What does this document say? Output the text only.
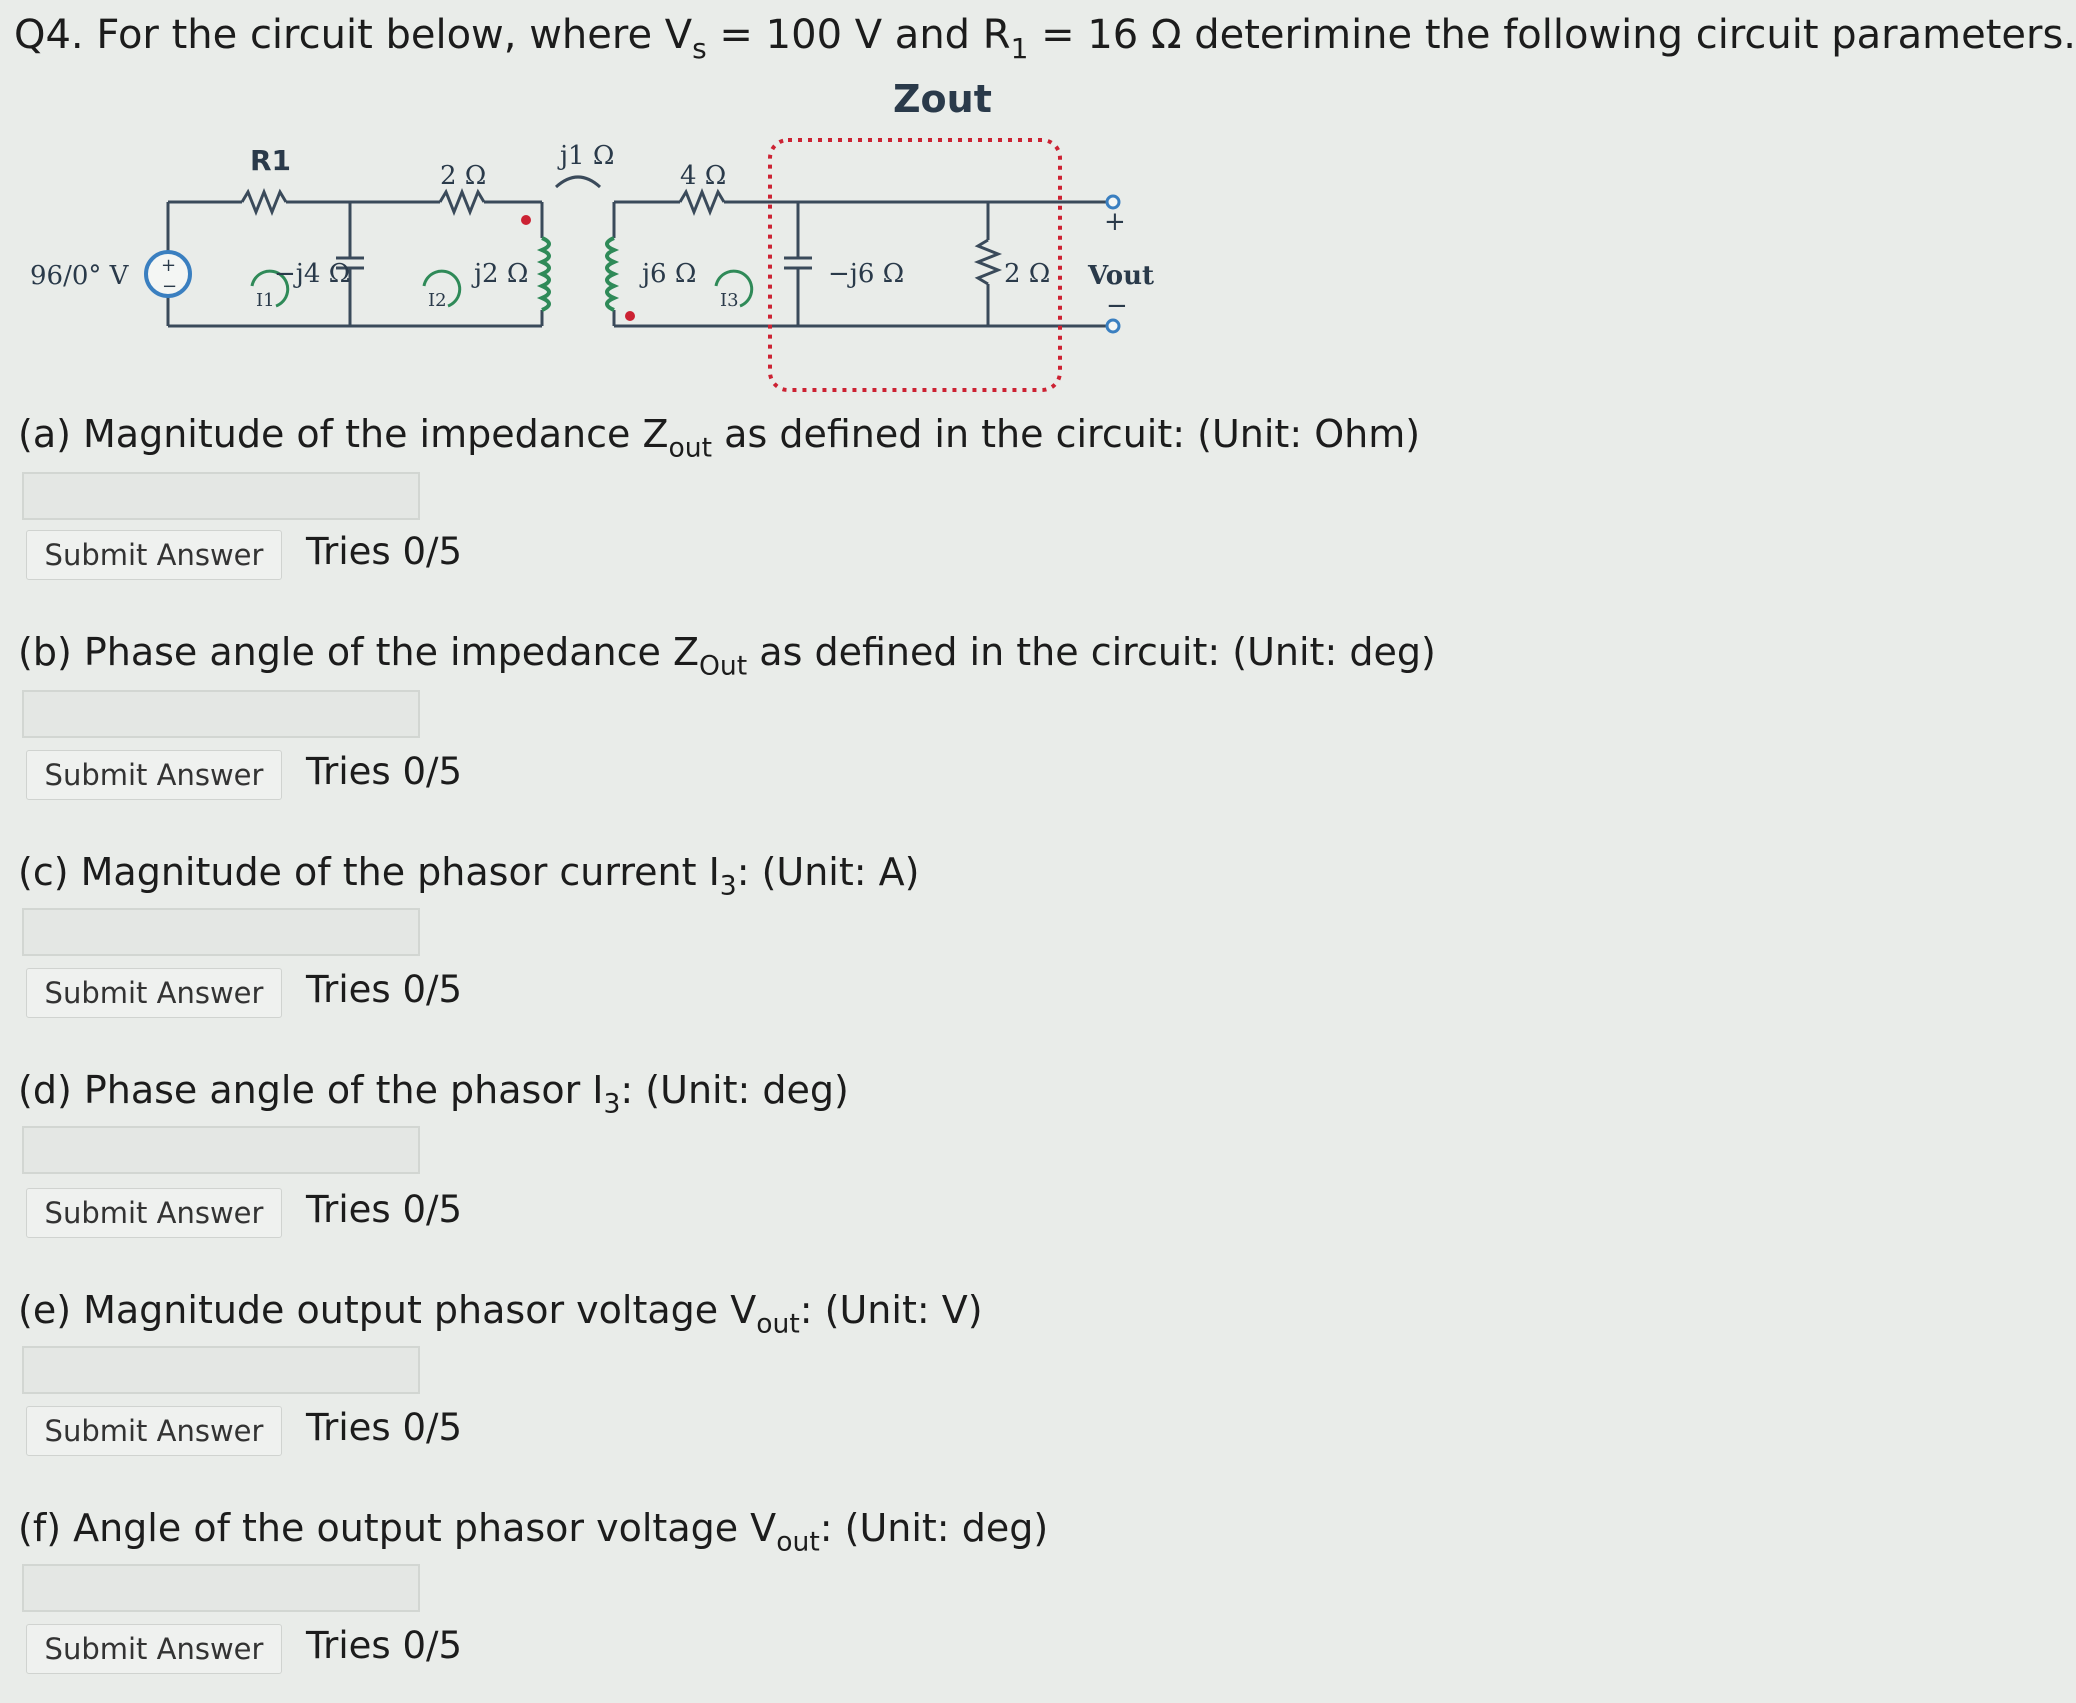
Q4. For the circuit below, where $V_s = 100$ V and $R_1 = 16$ Ω deterimine the following circuit parameters.
+
−
Zout
R1
96/0° V	−j4 Ω
2 Ω
j2 Ω
j1 Ω
j6 Ω
4 Ω
−j6 Ω	2 Ω
+
−
Vout
I1	I2	I3
(a) Magnitude of the impedance $Z_{out}$ as defined in the circuit: (Unit: Ohm)
Submit Answer	Tries 0/5
(b) Phase angle of the impedance $Z_{Out}$ as defined in the circuit: (Unit: deg)
Submit Answer	Tries 0/5
(c) Magnitude of the phasor current $I_3$: (Unit: A)
Submit Answer	Tries 0/5
(d) Phase angle of the phasor $I_3$: (Unit: deg)
Submit Answer	Tries 0/5
(e) Magnitude output phasor voltage $V_{out}$: (Unit: V)
Submit Answer	Tries 0/5
(f) Angle of the output phasor voltage $V_{out}$: (Unit: deg)
Submit Answer	Tries 0/5
